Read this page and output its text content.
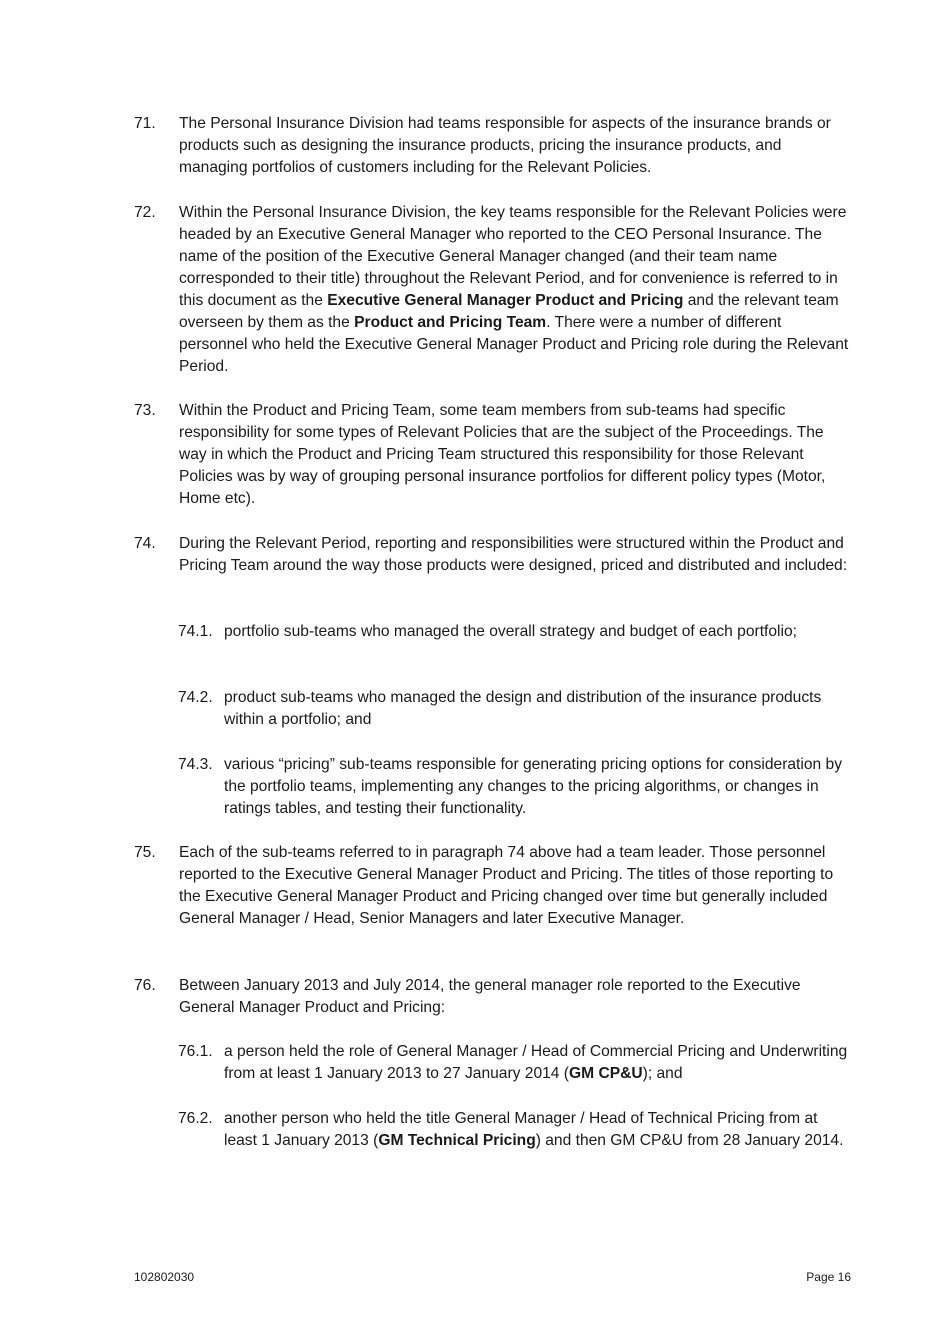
71. The Personal Insurance Division had teams responsible for aspects of the insurance brands or products such as designing the insurance products, pricing the insurance products, and managing portfolios of customers including for the Relevant Policies.
72. Within the Personal Insurance Division, the key teams responsible for the Relevant Policies were headed by an Executive General Manager who reported to the CEO Personal Insurance. The name of the position of the Executive General Manager changed (and their team name corresponded to their title) throughout the Relevant Period, and for convenience is referred to in this document as the Executive General Manager Product and Pricing and the relevant team overseen by them as the Product and Pricing Team. There were a number of different personnel who held the Executive General Manager Product and Pricing role during the Relevant Period.
73. Within the Product and Pricing Team, some team members from sub-teams had specific responsibility for some types of Relevant Policies that are the subject of the Proceedings. The way in which the Product and Pricing Team structured this responsibility for those Relevant Policies was by way of grouping personal insurance portfolios for different policy types (Motor, Home etc).
74. During the Relevant Period, reporting and responsibilities were structured within the Product and Pricing Team around the way those products were designed, priced and distributed and included:
74.1. portfolio sub-teams who managed the overall strategy and budget of each portfolio;
74.2. product sub-teams who managed the design and distribution of the insurance products within a portfolio; and
74.3. various “pricing” sub-teams responsible for generating pricing options for consideration by the portfolio teams, implementing any changes to the pricing algorithms, or changes in ratings tables, and testing their functionality.
75. Each of the sub-teams referred to in paragraph 74 above had a team leader. Those personnel reported to the Executive General Manager Product and Pricing. The titles of those reporting to the Executive General Manager Product and Pricing changed over time but generally included General Manager / Head, Senior Managers and later Executive Manager.
76. Between January 2013 and July 2014, the general manager role reported to the Executive General Manager Product and Pricing:
76.1. a person held the role of General Manager / Head of Commercial Pricing and Underwriting from at least 1 January 2013 to 27 January 2014 (GM CP&U); and
76.2. another person who held the title General Manager / Head of Technical Pricing from at least 1 January 2013 (GM Technical Pricing) and then GM CP&U from 28 January 2014.
102802030	Page 16
